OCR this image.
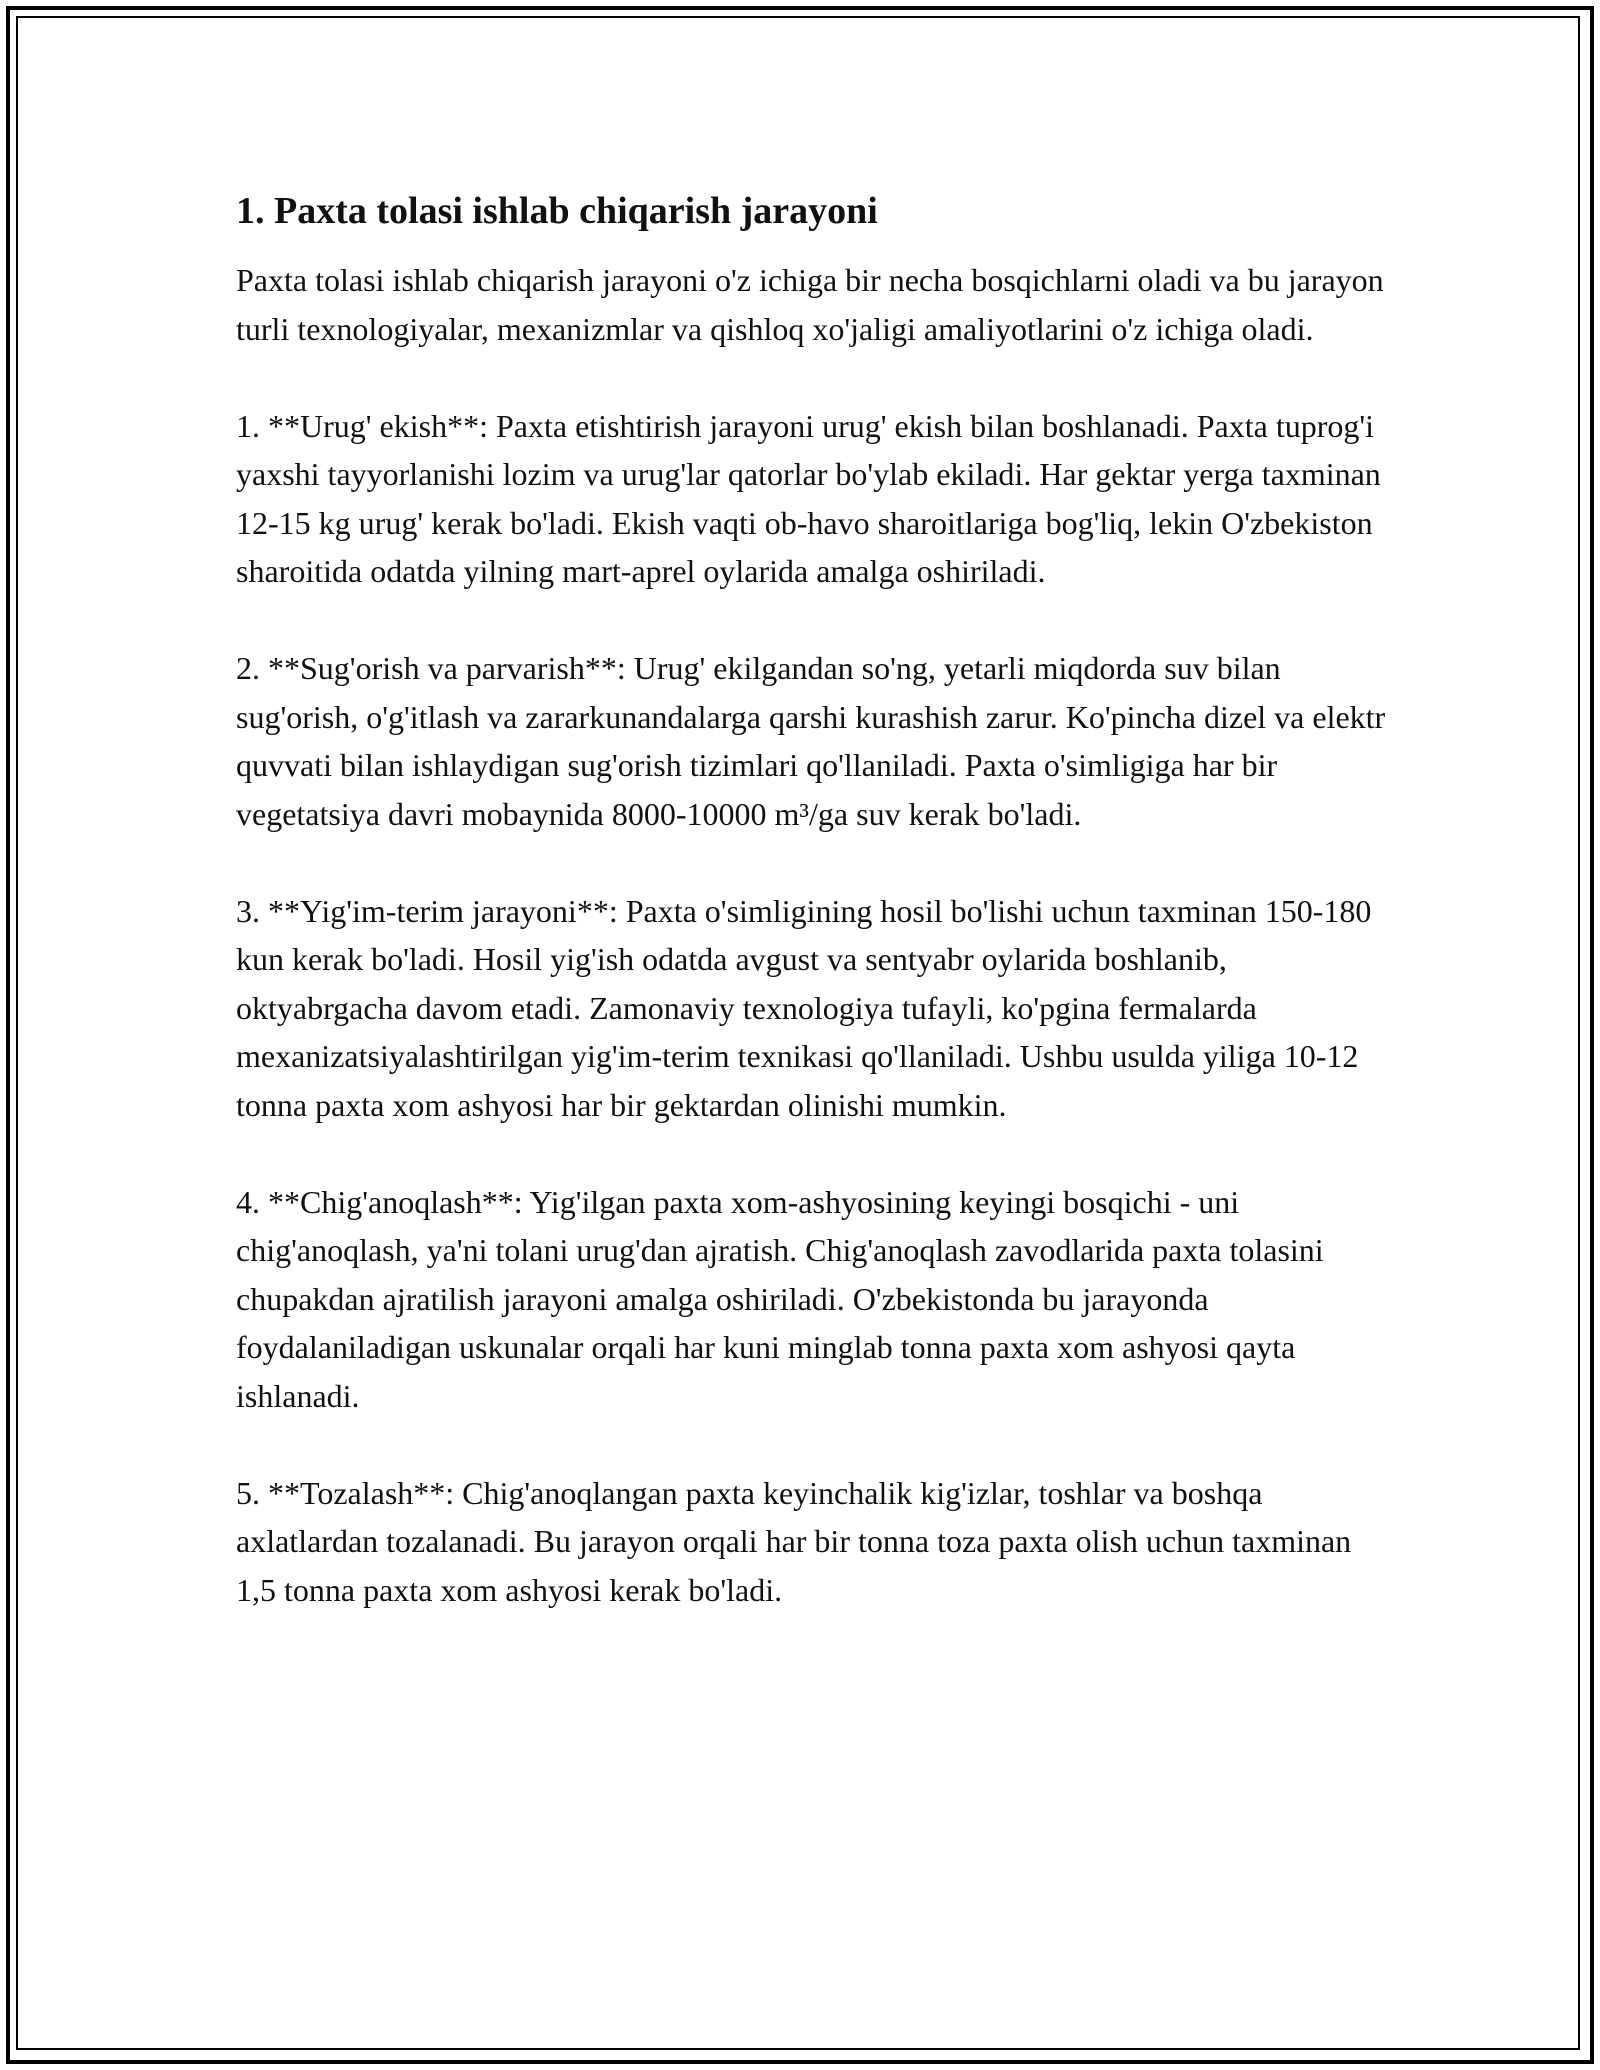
1. Paxta tolasi ishlab chiqarish jarayoni

Paxta tolasi ishlab chiqarish jarayoni o'z ichiga bir necha bosqichlarni oladi va bu jarayon turli texnologiyalar, mexanizmlar va qishloq xo'jaligi amaliyotlarini o'z ichiga oladi.

1. **Urug' ekish**: Paxta etishtirish jarayoni urug' ekish bilan boshlanadi. Paxta tuprog'i yaxshi tayyorlanishi lozim va urug'lar qatorlar bo'ylab ekiladi. Har gektar yerga taxminan 12-15 kg urug' kerak bo'ladi. Ekish vaqti ob-havo sharoitlariga bog'liq, lekin O'zbekiston sharoitida odatda yilning mart-aprel oylarida amalga oshiriladi.

2. **Sug'orish va parvarish**: Urug' ekilgandan so'ng, yetarli miqdorda suv bilan sug'orish, o'g'itlash va zararkunandalarga qarshi kurashish zarur. Ko'pincha dizel va elektr quvvati bilan ishlaydigan sug'orish tizimlari qo'llaniladi. Paxta o'simligiga har bir vegetatsiya davri mobaynida 8000-10000 m³/ga suv kerak bo'ladi.

3. **Yig'im-terim jarayoni**: Paxta o'simligining hosil bo'lishi uchun taxminan 150-180 kun kerak bo'ladi. Hosil yig'ish odatda avgust va sentyabr oylarida boshlanib, oktyabrgacha davom etadi. Zamonaviy texnologiya tufayli, ko'pgina fermalarda mexanizatsiyalashtirilgan yig'im-terim texnikasi qo'llaniladi. Ushbu usulda yiliga 10-12 tonna paxta xom ashyosi har bir gektardan olinishi mumkin.

4. **Chig'anoqlash**: Yig'ilgan paxta xom-ashyosining keyingi bosqichi - uni chig'anoqlash, ya'ni tolani urug'dan ajratish. Chig'anoqlash zavodlarida paxta tolasini chupakdan ajratilish jarayoni amalga oshiriladi. O'zbekistonda bu jarayonda foydalaniladigan uskunalar orqali har kuni minglab tonna paxta xom ashyosi qayta ishlanadi.

5. **Tozalash**: Chig'anoqlangan paxta keyinchalik kig'izlar, toshlar va boshqa axlatlardan tozalanadi. Bu jarayon orqali har bir tonna toza paxta olish uchun taxminan 1,5 tonna paxta xom ashyosi kerak bo'ladi.
